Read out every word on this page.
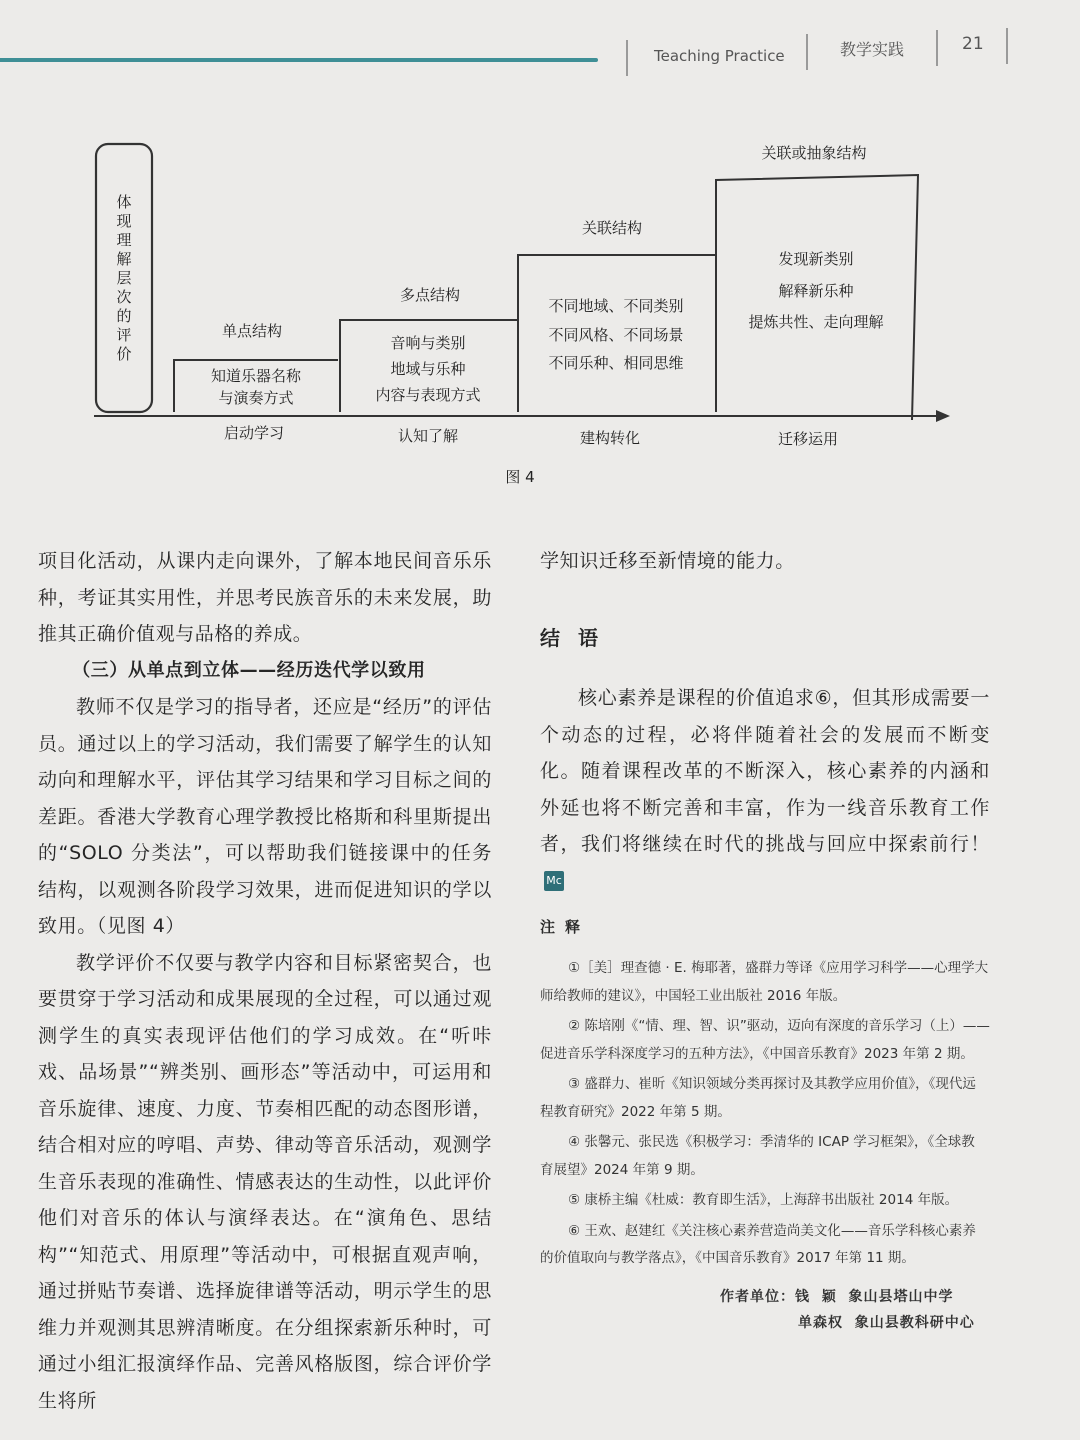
Teaching Practice	教学实践	21
体现理解层次的评价
单点结构
多点结构
关联结构
关联或抽象结构
知道乐器名称
与演奏方式
音响与类别
地域与乐种
内容与表现方式
不同地域、不同类别
不同风格、不同场景
不同乐种、相同思维
发现新类别
解释新乐种
提炼共性、走向理解
启动学习	认知了解	建构转化	迁移运用
图 4

项目化活动，从课内走向课外，了解本地民间音乐乐种，考证其实用性，并思考民族音乐的未来发展，助推其正确价值观与品格的养成。

（三）从单点到立体——经历迭代学以致用

教师不仅是学习的指导者，还应是“经历”的评估员。通过以上的学习活动，我们需要了解学生的认知动向和理解水平，评估其学习结果和学习目标之间的差距。香港大学教育心理学教授比格斯和科里斯提出的“SOLO 分类法”，可以帮助我们链接课中的任务结构，以观测各阶段学习效果，进而促进知识的学以致用。（见图 4）

教学评价不仅要与教学内容和目标紧密契合，也要贯穿于学习活动和成果展现的全过程，可以通过观测学生的真实表现评估他们的学习成效。在“听咔戏、品场景”“辨类别、画形态”等活动中，可运用和音乐旋律、速度、力度、节奏相匹配的动态图形谱，结合相对应的哼唱、声势、律动等音乐活动，观测学生音乐表现的准确性、情感表达的生动性，以此评价他们对音乐的体认与演绎表达。在“演角色、思结构”“知范式、用原理”等活动中，可根据直观声响，通过拼贴节奏谱、选择旋律谱等活动，明示学生的思维力并观测其思辨清晰度。在分组探索新乐种时，可通过小组汇报演绎作品、完善风格版图，综合评价学生将所

学知识迁移至新情境的能力。

结语

核心素养是课程的价值追求⑥，但其形成需要一个动态的过程，必将伴随着社会的发展而不断变化。随着课程改革的不断深入，核心素养的内涵和外延也将不断完善和丰富，作为一线音乐教育工作者，我们将继续在时代的挑战与回应中探索前行！Mc

注释

①［美］理查德 · E. 梅耶著，盛群力等译《应用学习科学——心理学大
师给教师的建议》，中国轻工业出版社 2016 年版。

② 陈培刚《“情、理、智、识”驱动，迈向有深度的音乐学习（上）——
促进音乐学科深度学习的五种方法》，《中国音乐教育》2023 年第 2 期。

③ 盛群力、崔昕《知识领域分类再探讨及其教学应用价值》，《现代远
程教育研究》2022 年第 5 期。

④ 张馨元、张民选《积极学习：季清华的 ICAP 学习框架》，《全球教
育展望》2024 年第 9 期。

⑤ 康桥主编《杜威：教育即生活》，上海辞书出版社 2014 年版。

⑥ 王欢、赵建红《关注核心素养营造尚美文化——音乐学科核心素养
的价值取向与教学落点》，《中国音乐教育》2017 年第 11 期。

作者单位：钱  颖  象山县塔山中学
单森权  象山县教科研中心
